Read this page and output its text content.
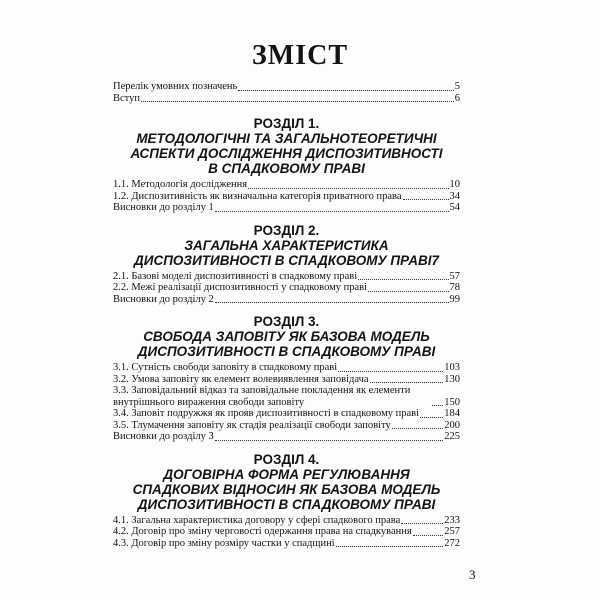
ЗМІСТ
Перелік умовних позначень	5
Вступ	6
РОЗДІЛ 1.
МЕТОДОЛОГІЧНІ ТА ЗАГАЛЬНОТЕОРЕТИЧНІ
АСПЕКТИ ДОСЛІДЖЕННЯ ДИСПОЗИТИВНОСТІ
В СПАДКОВОМУ ПРАВІ
1.1. Методологія дослідження	10
1.2. Диспозитивність як визначальна категорія приватного права	34
Висновки до розділу 1	54
РОЗДІЛ 2.
ЗАГАЛЬНА ХАРАКТЕРИСТИКА
ДИСПОЗИТИВНОСТІ В СПАДКОВОМУ ПРАВІ7
2.1. Базові моделі диспозитивності в спадковому праві	57
2.2. Межі реалізації диспозитивності у спадковому праві	78
Висновки до розділу 2	99
РОЗДІЛ 3.
СВОБОДА ЗАПОВІТУ ЯК БАЗОВА МОДЕЛЬ
ДИСПОЗИТИВНОСТІ В СПАДКОВОМУ ПРАВІ
3.1. Сутність свободи заповіту в спадковому праві	103
3.2. Умова заповіту як елемент волевиявлення заповідача	130
3.3. Заповідальний відказ та заповідальне покладення як елементи внутрішнього вираження свободи заповіту	150
3.4. Заповіт подружжя як прояв диспозитивності в спадковому праві 184
3.5. Тлумачення заповіту як стадія реалізації свободи заповіту	200
Висновки до розділу 3	225
РОЗДІЛ 4.
ДОГОВІРНА ФОРМА РЕГУЛЮВАННЯ
СПАДКОВИХ ВІДНОСИН ЯК БАЗОВА МОДЕЛЬ
ДИСПОЗИТИВНОСТІ В СПАДКОВОМУ ПРАВІ
4.1. Загальна характеристика договору у сфері спадкового права	233
4.2. Договір про зміну черговості одержання права на спадкування	257
4.3. Договір про зміну розміру частки у спадщині	272
3
